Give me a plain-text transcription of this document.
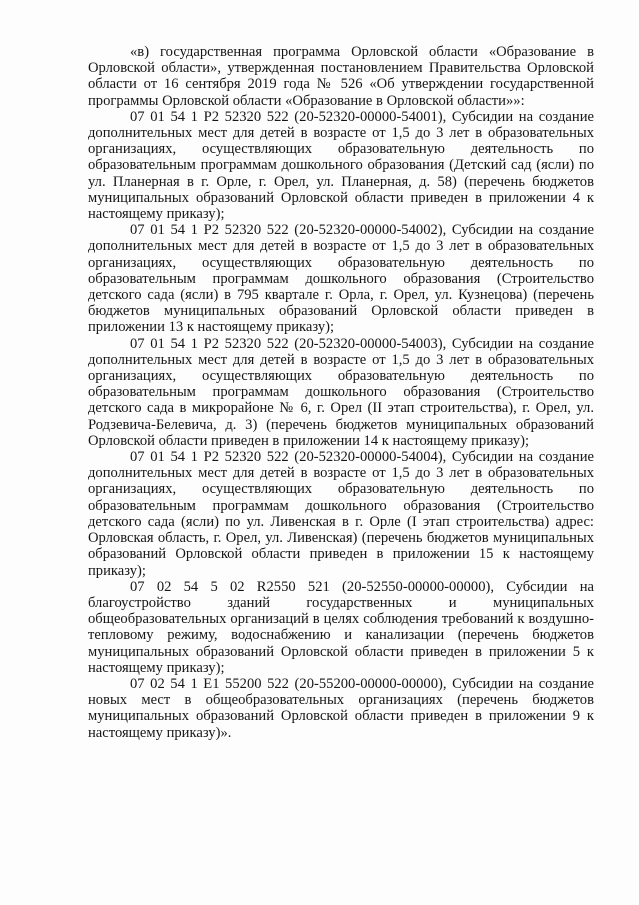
«в) государственная программа Орловской области «Образование в Орловской области», утвержденная постановлением Правительства Орловской области от 16 сентября 2019 года № 526 «Об утверждении государственной программы Орловской области «Образование в Орловской области»»:

07 01 54 1 P2 52320 522 (20-52320-00000-54001), Субсидии на создание дополнительных мест для детей в возрасте от 1,5 до 3 лет в образовательных организациях, осуществляющих образовательную деятельность по образовательным программам дошкольного образования (Детский сад (ясли) по ул. Планерная в г. Орле, г. Орел, ул. Планерная, д. 58) (перечень бюджетов муниципальных образований Орловской области приведен в приложении 4 к настоящему приказу);

07 01 54 1 P2 52320 522 (20-52320-00000-54002), Субсидии на создание дополнительных мест для детей в возрасте от 1,5 до 3 лет в образовательных организациях, осуществляющих образовательную деятельность по образовательным программам дошкольного образования (Строительство детского сада (ясли) в 795 квартале г. Орла, г. Орел, ул. Кузнецова) (перечень бюджетов муниципальных образований Орловской области приведен в приложении 13 к настоящему приказу);

07 01 54 1 P2 52320 522 (20-52320-00000-54003), Субсидии на создание дополнительных мест для детей в возрасте от 1,5 до 3 лет в образовательных организациях, осуществляющих образовательную деятельность по образовательным программам дошкольного образования (Строительство детского сада в микрорайоне № 6, г. Орел (II этап строительства), г. Орел, ул. Родзевича-Белевича, д. 3) (перечень бюджетов муниципальных образований Орловской области приведен в приложении 14 к настоящему приказу);

07 01 54 1 P2 52320 522 (20-52320-00000-54004), Субсидии на создание дополнительных мест для детей в возрасте от 1,5 до 3 лет в образовательных организациях, осуществляющих образовательную деятельность по образовательным программам дошкольного образования (Строительство детского сада (ясли) по ул. Ливенская в г. Орле (I этап строительства) адрес: Орловская область, г. Орел, ул. Ливенская) (перечень бюджетов муниципальных образований Орловской области приведен в приложении 15 к настоящему приказу);

07 02 54 5 02 R2550 521 (20-52550-00000-00000), Субсидии на благоустройство зданий государственных и муниципальных общеобразовательных организаций в целях соблюдения требований к воздушно-тепловому режиму, водоснабжению и канализации (перечень бюджетов муниципальных образований Орловской области приведен в приложении 5 к настоящему приказу);

07 02 54 1 E1 55200 522 (20-55200-00000-00000), Субсидии на создание новых мест в общеобразовательных организациях (перечень бюджетов муниципальных образований Орловской области приведен в приложении 9 к настоящему приказу)».
